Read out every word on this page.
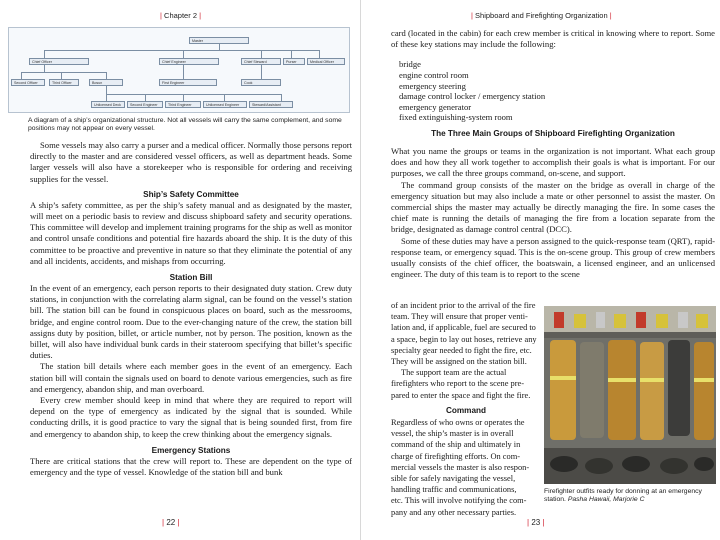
| Chapter 2 |
Master
Chief Officer	Chief Engineer	Chief Steward	Purser	Medical Officer
Second Officer	Third Officer	Bosun	First Engineer	Cook
Unlicensed Deck	Second Engineer	Third Engineer	Unlicensed Engineer	Steward/Assistant
A diagram of a ship’s organizational structure. Not all vessels will carry the same complement, and some positions may not appear on every vessel.

Some vessels may also carry a purser and a medical officer. Normally those persons report directly to the master and are considered vessel officers, as well as department heads. Some larger vessels will also have a storekeeper who is responsible for ordering and receiving supplies for the vessel.

Ship’s Safety Committee

A ship’s safety committee, as per the ship’s safety manual and as designated by the master, will meet on a periodic basis to review and discuss shipboard safety and security operations. This committee will develop and implement training programs for the ship as well as monitor and control unsafe conditions and potential fire hazards aboard the ship. It is the duty of this committee to be proactive and preventive in nature so that they eliminate the potential of any and all incidents, accidents, and mishaps from occurring.

Station Bill

In the event of an emergency, each person reports to their designated duty station. Crew duty stations, in conjunction with the correlating alarm signal, can be found on the vessel’s station bill. The station bill can be found in conspicuous places on board, such as the messrooms, bridge, and engine control room. Due to the ever-changing nature of the crew, the station bill assigns duty by position, billet, or article number, not by person. The position, known as the billet, will also have individual bunk cards in their stateroom specifying that billet’s specific duties.

The station bill details where each member goes in the event of an emergency. Each station bill will contain the signals used on board to denote various emergencies, such as fire and emergency, abandon ship, and man overboard.

Every crew member should keep in mind that where they are required to report will depend on the type of emergency as indicated by the signal that is sounded. While conducting drills, it is good practice to vary the signal that is being sounded first, from fire and emergency to abandon ship, to keep the crew thinking about the emergency signals.

Emergency Stations

There are critical stations that the crew will report to. These are dependent on the type of emergency and the type of vessel. Knowledge of the station bill and bunk

| 22 |
| Shipboard and Firefighting Organization |

card (located in the cabin) for each crew member is critical in knowing where to report. Some of these key stations may include the following:

bridge
engine control room
emergency steering
damage control locker / emergency station
emergency generator
fixed extinguishing-system room
The Three Main Groups of Shipboard Firefighting Organization

What you name the groups or teams in the organization is not important. What each group does and how they all work together to accomplish their goals is what is important. For our purposes, we call the three groups command, on-scene, and support.

The command group consists of the master on the bridge as overall in charge of the emergency situation but may also include a mate or other personnel to assist the master. On commercial ships the master may actually be directly managing the fire. In some cases the chief mate is running the details of managing the fire from a location separate from the bridge, designated as damage control central (DCC).

Some of these duties may have a person assigned to the quick-response team (QRT), rapid-response team, or emergency squad. This is the on-scene group. This group of crew members usually consists of the chief officer, the boatswain, a licensed engineer, and an unlicensed engineer. The duty of this team is to report to the scene

of an incident prior to the arrival of the fire
team. They will ensure that proper venti-
lation and, if applicable, fuel are secured to
a space, begin to lay out hoses, retrieve any
specialty gear needed to fight the fire, etc.
They will be assigned on the station bill.
The support team are the actual
firefighters who report to the scene pre-
pared to enter the space and fight the fire.
Command
Regardless of who owns or operates the
vessel, the ship’s master is in overall
command of the ship and ultimately in
charge of firefighting efforts. On com-
mercial vessels the master is also respon-
sible for safely navigating the vessel,
handling traffic and communications,
etc. This will involve notifying the com-
pany and any other necessary parties.
Firefighter outfits ready for donning at an emergency station. Pasha Hawaii, Marjorie C
| 23 |
